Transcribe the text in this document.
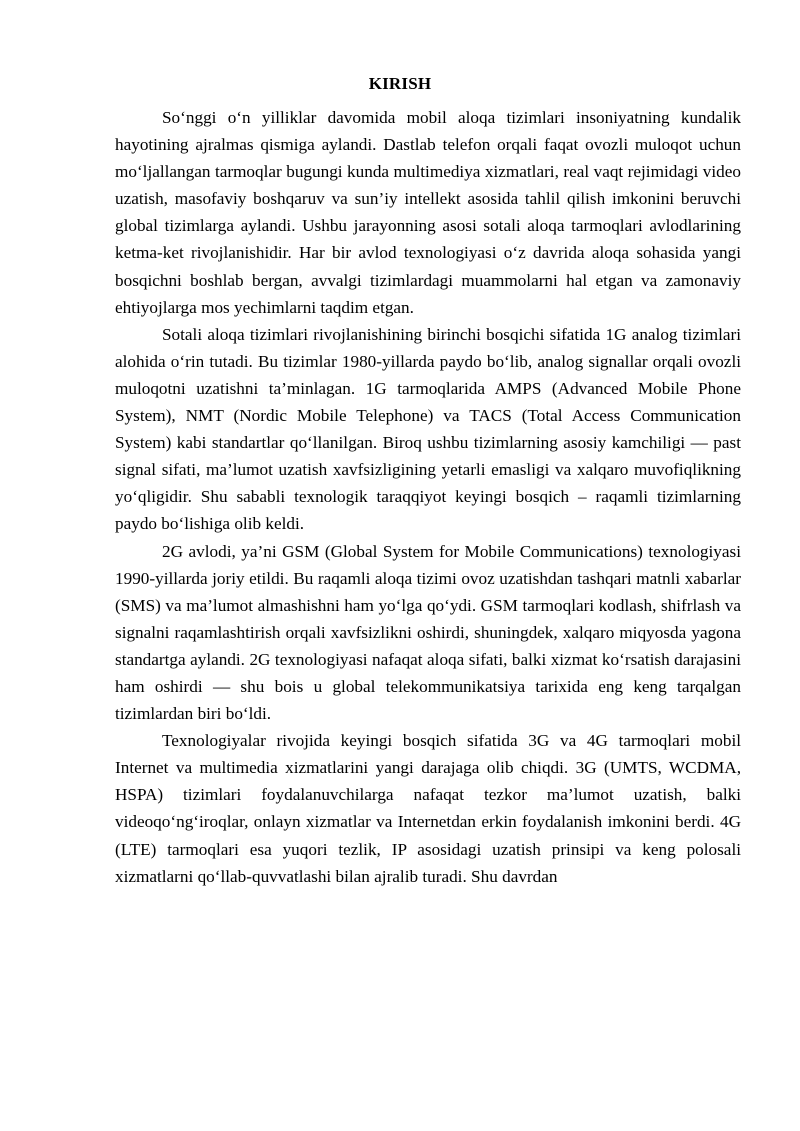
KIRISH

So‘nggi o‘n yilliklar davomida mobil aloqa tizimlari insoniyatning kundalik hayotining ajralmas qismiga aylandi. Dastlab telefon orqali faqat ovozli muloqot uchun mo‘ljallangan tarmoqlar bugungi kunda multimediya xizmatlari, real vaqt rejimidagi video uzatish, masofaviy boshqaruv va sun’iy intellekt asosida tahlil qilish imkonini beruvchi global tizimlarga aylandi. Ushbu jarayonning asosi sotali aloqa tarmoqlari avlodlarining ketma-ket rivojlanishidir. Har bir avlod texnologiyasi o‘z davrida aloqa sohasida yangi bosqichni boshlab bergan, avvalgi tizimlardagi muammolarni hal etgan va zamonaviy ehtiyojlarga mos yechimlarni taqdim etgan.

Sotali aloqa tizimlari rivojlanishining birinchi bosqichi sifatida 1G analog tizimlari alohida o‘rin tutadi. Bu tizimlar 1980-yillarda paydo bo‘lib, analog signallar orqali ovozli muloqotni uzatishni ta’minlagan. 1G tarmoqlarida AMPS (Advanced Mobile Phone System), NMT (Nordic Mobile Telephone) va TACS (Total Access Communication System) kabi standartlar qo‘llanilgan. Biroq ushbu tizimlarning asosiy kamchiligi — past signal sifati, ma’lumot uzatish xavfsizligining yetarli emasligi va xalqaro muvofiqlikning yo‘qligidir. Shu sababli texnologik taraqqiyot keyingi bosqich – raqamli tizimlarning paydo bo‘lishiga olib keldi.

2G avlodi, ya’ni GSM (Global System for Mobile Communications) texnologiyasi 1990-yillarda joriy etildi. Bu raqamli aloqa tizimi ovoz uzatishdan tashqari matnli xabarlar (SMS) va ma’lumot almashishni ham yo‘lga qo‘ydi. GSM tarmoqlari kodlash, shifrlash va signalni raqamlashtirish orqali xavfsizlikni oshirdi, shuningdek, xalqaro miqyosda yagona standartga aylandi. 2G texnologiyasi nafaqat aloqa sifati, balki xizmat ko‘rsatish darajasini ham oshirdi — shu bois u global telekommunikatsiya tarixida eng keng tarqalgan tizimlardan biri bo‘ldi.

Texnologiyalar rivojida keyingi bosqich sifatida 3G va 4G tarmoqlari mobil Internet va multimedia xizmatlarini yangi darajaga olib chiqdi. 3G (UMTS, WCDMA, HSPA) tizimlari foydalanuvchilarga nafaqat tezkor ma’lumot uzatish, balki videoqo‘ng‘iroqlar, onlayn xizmatlar va Internetdan erkin foydalanish imkonini berdi. 4G (LTE) tarmoqlari esa yuqori tezlik, IP asosidagi uzatish prinsipi va keng polosali xizmatlarni qo‘llab-quvvatlashi bilan ajralib turadi. Shu davrdan
